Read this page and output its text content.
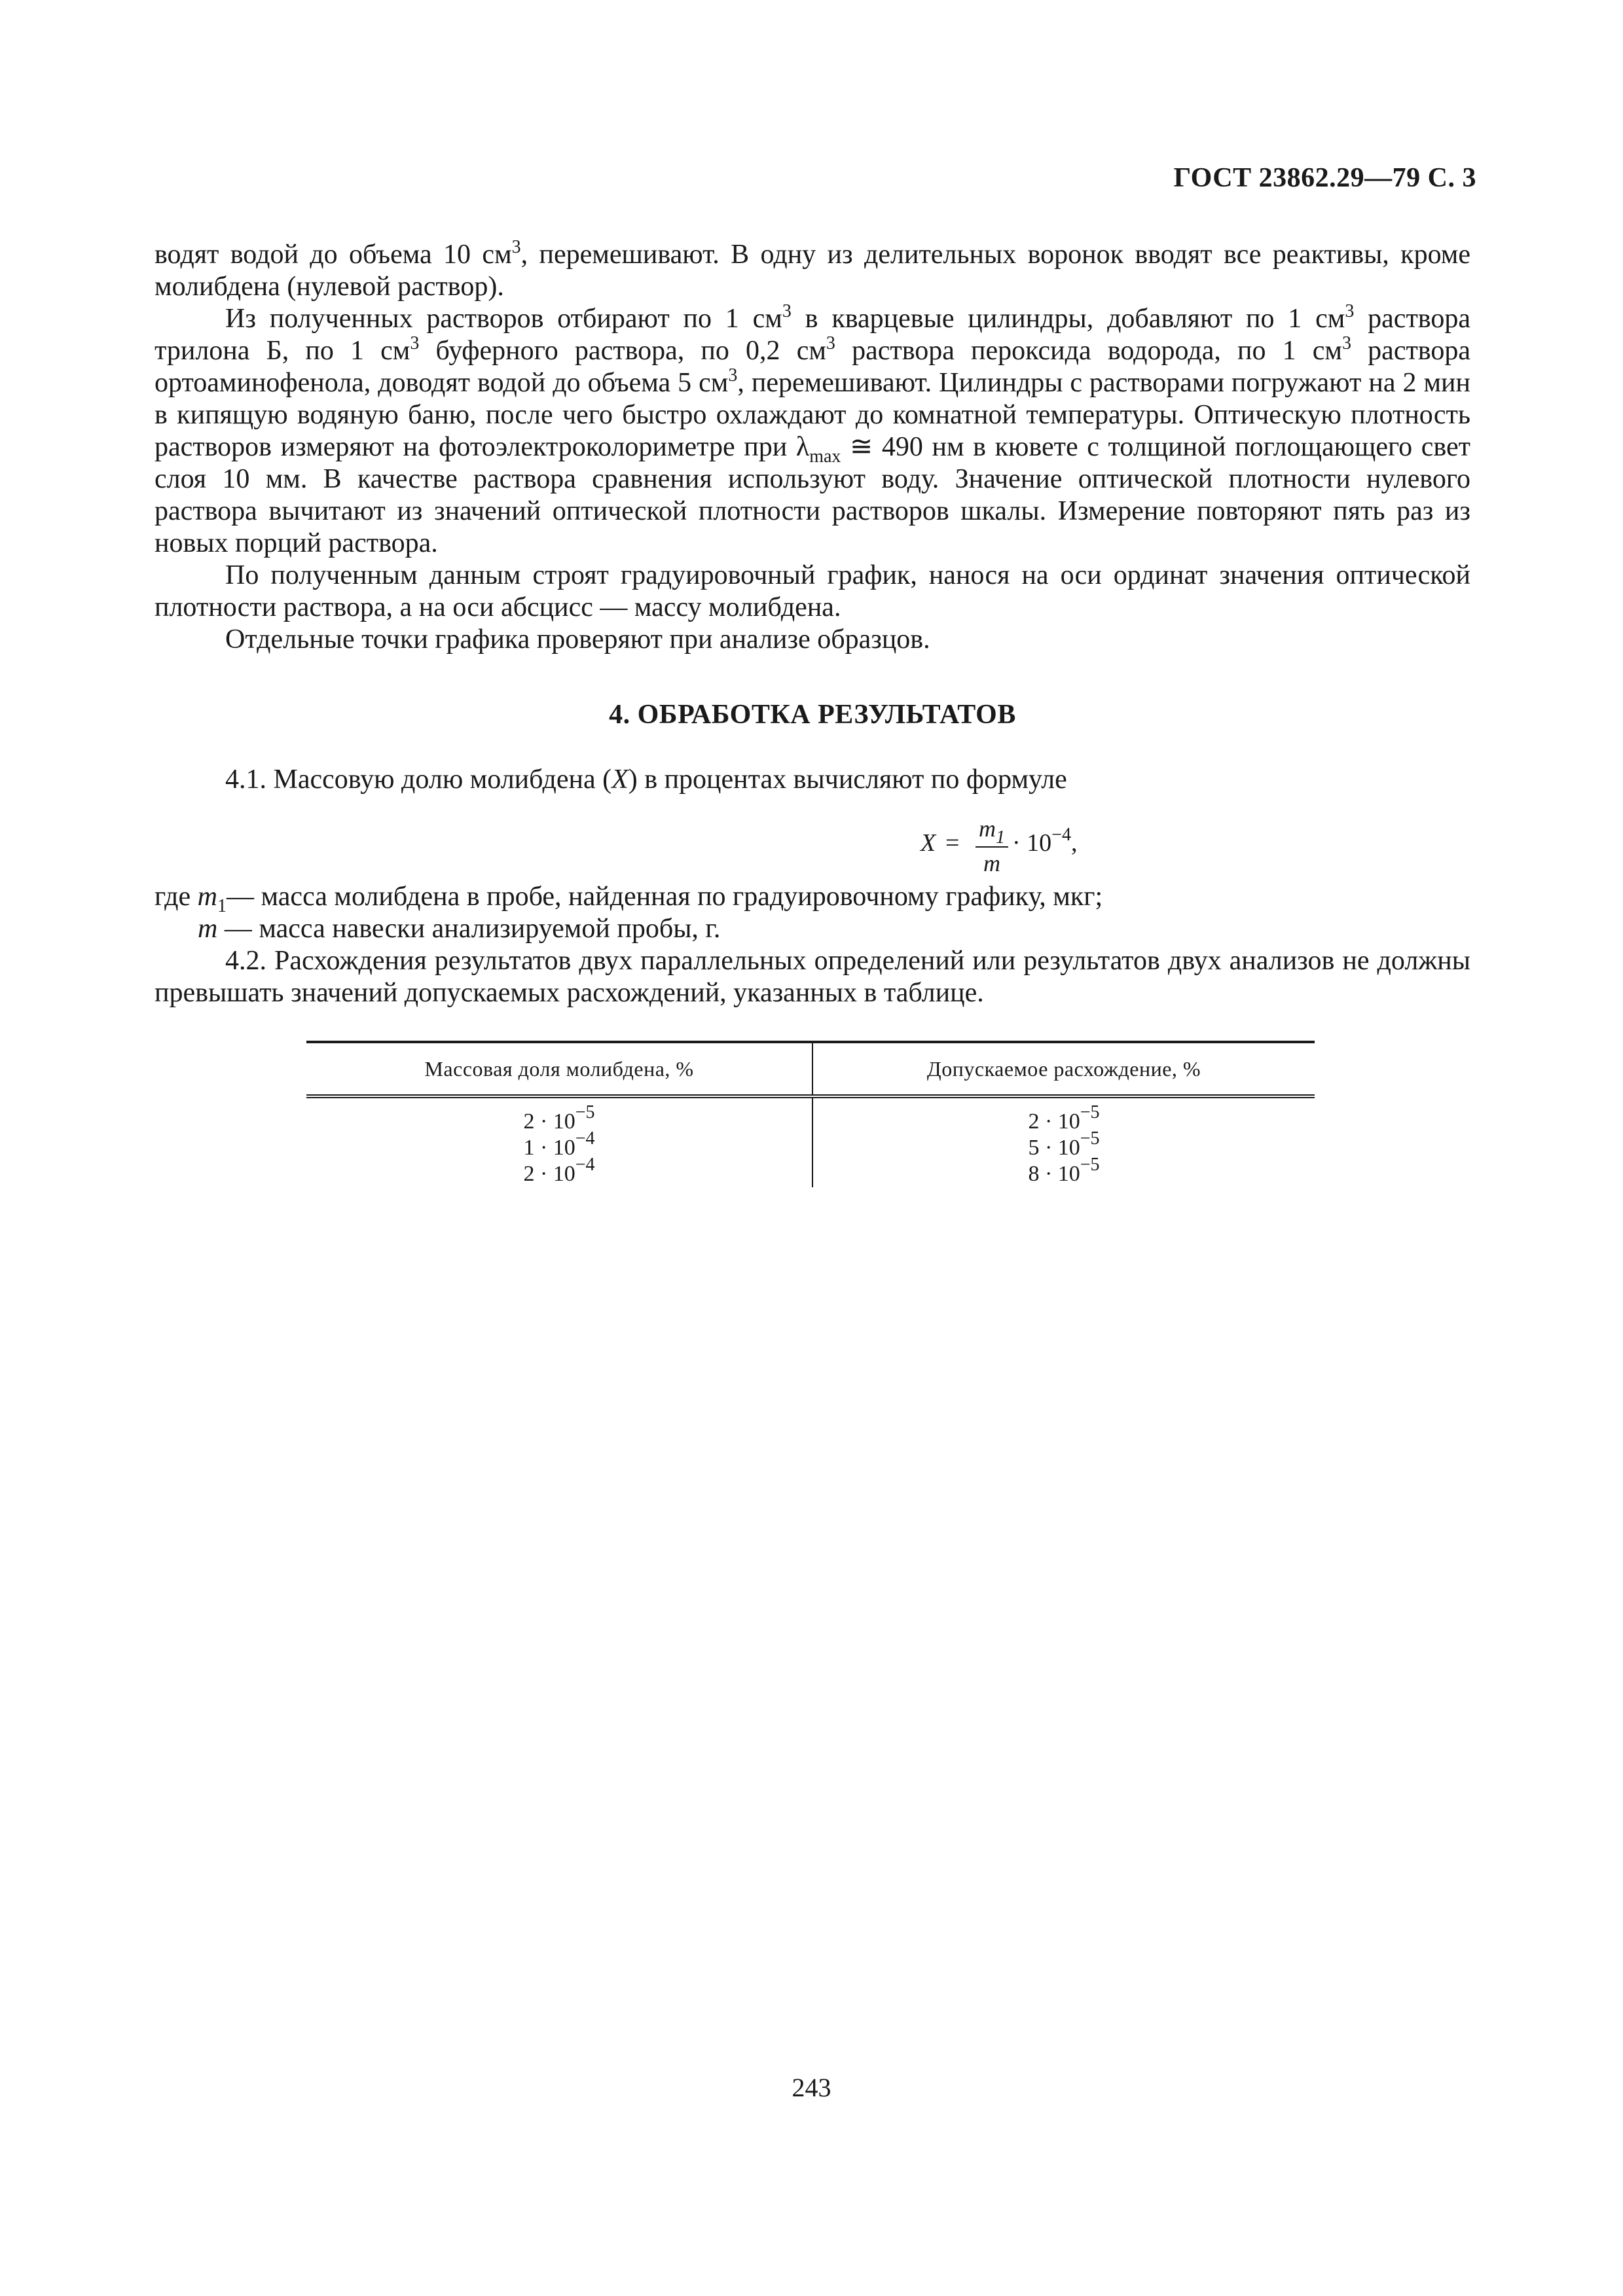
ГОСТ 23862.29—79 С. 3

водят водой до объема 10 $см^3$, перемешивают. В одну из делительных воронок вводят все реактивы, кроме молибдена (нулевой раствор).

Из полученных растворов отбирают по 1 $см^3$ в кварцевые цилиндры, добавляют по 1 $см^3$ раствора трилона Б, по 1 $см^3$ буферного раствора, по 0,2 $см^3$ раствора пероксида водорода, по 1 $см^3$ раствора ортоаминофенола, доводят водой до объема 5 $см^3$, перемешивают. Цилиндры с растворами погружают на 2 мин в кипящую водяную баню, после чего быстро охлаждают до комнатной температуры. Оптическую плотность растворов измеряют на фотоэлектроколориметре при $\lambda_{max}$ ≅ 490 нм в кювете с толщиной поглощающего свет слоя 10 мм. В качестве раствора сравнения используют воду. Значение оптической плотности нулевого раствора вычитают из значений оптической плотности растворов шкалы. Измерение повторяют пять раз из новых порций раствора.

По полученным данным строят градуировочный график, нанося на оси ординат значения оптической плотности раствора, а на оси абсцисс — массу молибдена.

Отдельные точки графика проверяют при анализе образцов.

4. ОБРАБОТКА РЕЗУЛЬТАТОВ

4.1. Массовую долю молибдена (X) в процентах вычисляют по формуле

$X = \frac{m_1}{m} \cdot 10^{-4}$,

где $m_1—$ масса молибдена в пробе, найденная по градуировочному графику, мкг;

m — масса навески анализируемой пробы, г.

4.2. Расхождения результатов двух параллельных определений или результатов двух анализов не должны превышать значений допускаемых расхождений, указанных в таблице.

Массовая доля молибдена, %	Допускаемое расхождение, %
$2 \cdot 10^{-5}$	$2 \cdot 10^{-5}$
$1 \cdot 10^{-4}$	$5 \cdot 10^{-5}$
$2 \cdot 10^{-4}$	$8 \cdot 10^{-5}$
243
